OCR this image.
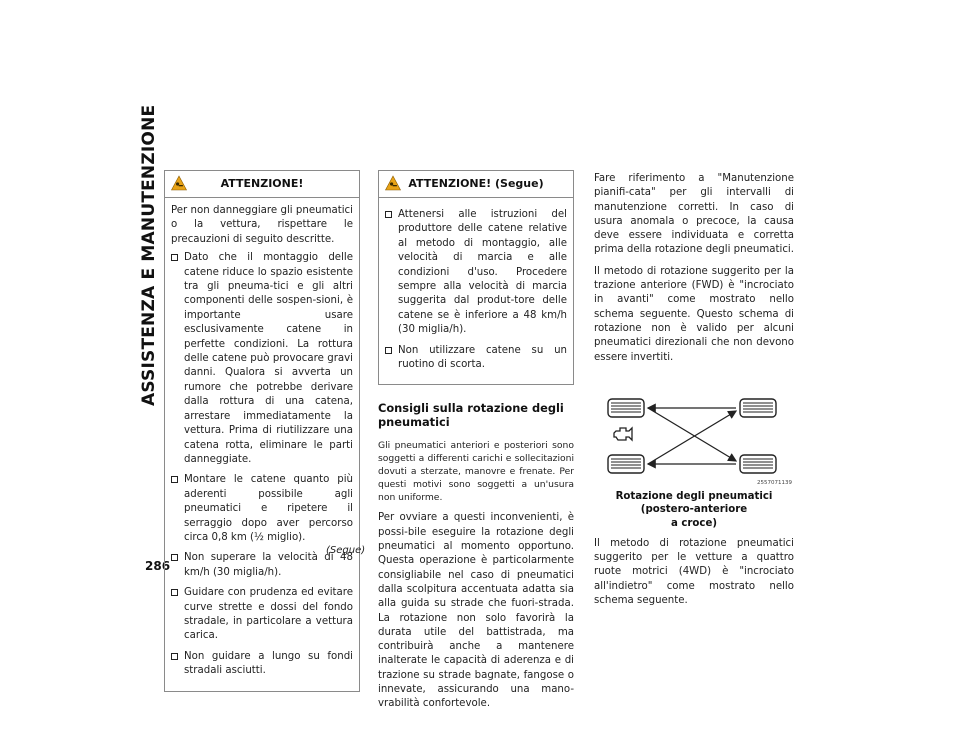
ASSISTENZA E MANUTENZIONE
286
ATTENZIONE!

Per non danneggiare gli pneumatici o la vettura, rispettare le precauzioni di seguito descritte.

Dato che il montaggio delle catene riduce lo spazio esistente tra gli pneuma-tici e gli altri componenti delle sospen-sioni, è importante usare esclusivamente catene in perfette condizioni. La rottura delle catene può provocare gravi danni. Qualora si avverta un rumore che potrebbe derivare dalla rottura di una catena, arrestare immediatamente la vettura. Prima di riutilizzare una catena rotta, eliminare le parti danneggiate.
Montare le catene quanto più aderenti possibile agli pneumatici e ripetere il serraggio dopo aver percorso circa 0,8 km (½ miglio).
Non superare la velocità di 48 km/h (30 miglia/h).
Guidare con prudenza ed evitare curve strette e dossi del fondo stradale, in particolare a vettura carica.
Non guidare a lungo su fondi stradali asciutti.
(Segue)
ATTENZIONE! (Segue)
Attenersi alle istruzioni del produttore delle catene relative al metodo di montaggio, alle velocità di marcia e alle condizioni d'uso. Procedere sempre alla velocità di marcia suggerita dal produt-tore delle catene se è inferiore a 48 km/h (30 miglia/h).
Non utilizzare catene su un ruotino di scorta.
Consigli sulla rotazione degli pneumatici

Gli pneumatici anteriori e posteriori sono soggetti a differenti carichi e sollecitazioni dovuti a sterzate, manovre e frenate. Per questi motivi sono soggetti a un'usura non uniforme.

Per ovviare a questi inconvenienti, è possi-bile eseguire la rotazione degli pneumatici al momento opportuno. Questa operazione è particolarmente consigliabile nel caso di pneumatici dalla scolpitura accentuata adatta sia alla guida su strade che fuori-strada. La rotazione non solo favorirà la durata utile del battistrada, ma contribuirà anche a mantenere inalterate le capacità di aderenza e di trazione su strade bagnate, fangose o innevate, assicurando una mano-vrabilità confortevole.

Fare riferimento a "Manutenzione pianifi-cata" per gli intervalli di manutenzione corretti. In caso di usura anomala o precoce, la causa deve essere individuata e corretta prima della rotazione degli pneumatici.

Il metodo di rotazione suggerito per la trazione anteriore (FWD) è "incrociato in avanti" come mostrato nello schema seguente. Questo schema di rotazione non è valido per alcuni pneumatici direzionali che non devono essere invertiti.

2557071139
Rotazione degli pneumatici (postero-anteriore
a croce)

Il metodo di rotazione pneumatici suggerito per le vetture a quattro ruote motrici (4WD) è "incrociato all'indietro" come mostrato nello schema seguente.
